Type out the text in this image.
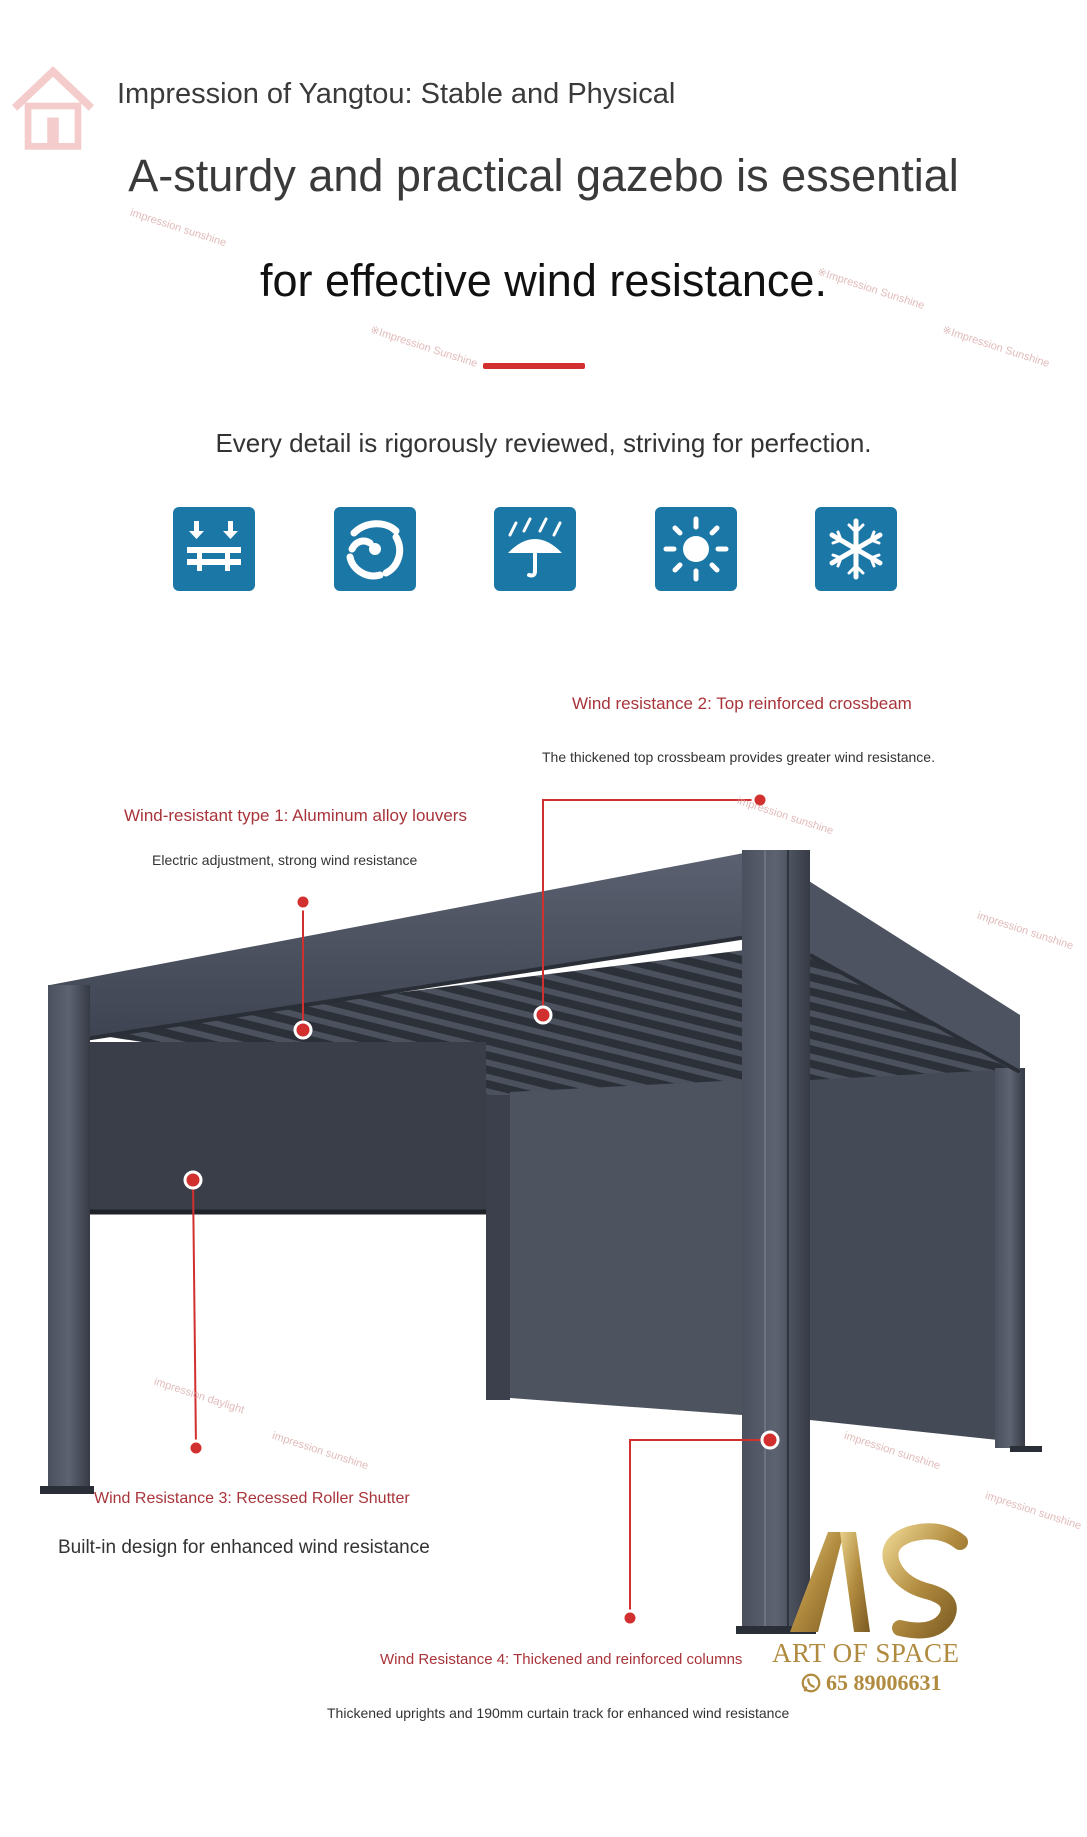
Impression of Yangtou: Stable and Physical
A-sturdy and practical gazebo is essential
for effective wind resistance.
Every detail is rigorously reviewed, striving for perfection.
impression sunshine
※Impression Sunshine
※Impression Sunshine	※Impression Sunshine
Wind resistance 2: Top reinforced crossbeam
The thickened top crossbeam provides greater wind resistance.
Wind-resistant type 1: Aluminum alloy louvers
Electric adjustment, strong wind resistance
Wind Resistance 3: Recessed Roller Shutter
Built-in design for enhanced wind resistance
Wind Resistance 4: Thickened and reinforced columns
Thickened uprights and 190mm curtain track for enhanced wind resistance
impression sunshine
impression daylight
impression sunshine	impression sunshine
impression sunshine
impression sunshine
ART OF SPACE
65 89006631
